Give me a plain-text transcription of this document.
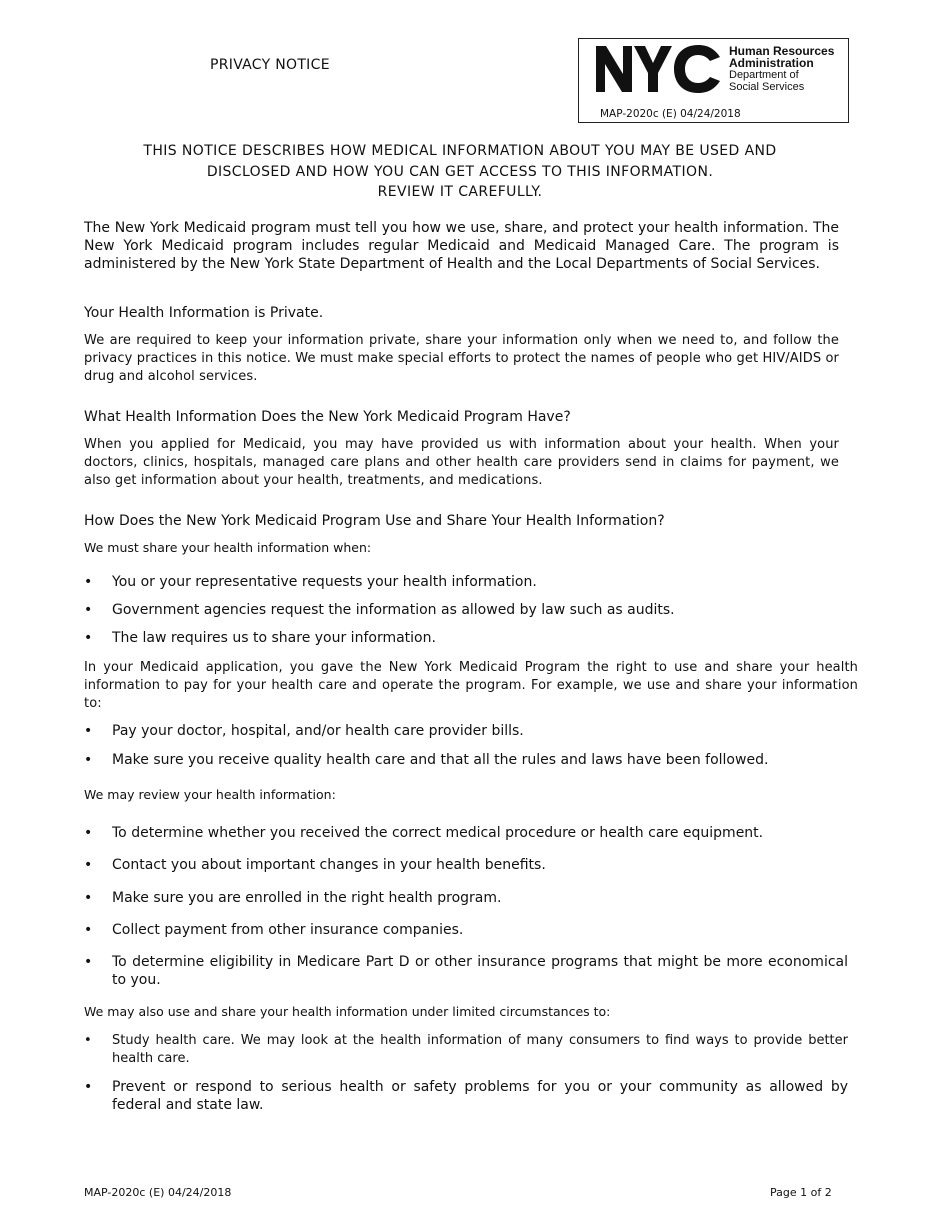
PRIVACY NOTICE
Human Resources
Administration
Department of
Social Services
MAP-2020c (E) 04/24/2018
THIS NOTICE DESCRIBES HOW MEDICAL INFORMATION ABOUT YOU MAY BE USED AND
DISCLOSED AND HOW YOU CAN GET ACCESS TO THIS INFORMATION.
REVIEW IT CAREFULLY.
The New York Medicaid program must tell you how we use, share, and protect your health information. The New York Medicaid program includes regular Medicaid and Medicaid Managed Care. The program is administered by the New York State Department of Health and the Local Departments of Social Services.
Your Health Information is Private.
We are required to keep your information private, share your information only when we need to, and follow the privacy practices in this notice. We must make special efforts to protect the names of people who get HIV/AIDS or drug and alcohol services.
What Health Information Does the New York Medicaid Program Have?
When you applied for Medicaid, you may have provided us with information about your health. When your doctors, clinics, hospitals, managed care plans and other health care providers send in claims for payment, we also get information about your health, treatments, and medications.
How Does the New York Medicaid Program Use and Share Your Health Information?
We must share your health information when:
•	You or your representative requests your health information.
•	Government agencies request the information as allowed by law such as audits.
•	The law requires us to share your information.
In your Medicaid application, you gave the New York Medicaid Program the right to use and share your health information to pay for your health care and operate the program. For example, we use and share your information to:
•	Pay your doctor, hospital, and/or health care provider bills.
•	Make sure you receive quality health care and that all the rules and laws have been followed.
We may review your health information:
•	To determine whether you received the correct medical procedure or health care equipment.
•	Contact you about important changes in your health benefits.
•	Make sure you are enrolled in the right health program.
•	Collect payment from other insurance companies.
•	To determine eligibility in Medicare Part D or other insurance programs that might be more economical to you.
We may also use and share your health information under limited circumstances to:
•	Study health care. We may look at the health information of many consumers to find ways to provide better health care.
•	Prevent or respond to serious health or safety problems for you or your community as allowed by federal and state law.
MAP-2020c (E) 04/24/2018	Page 1 of 2
